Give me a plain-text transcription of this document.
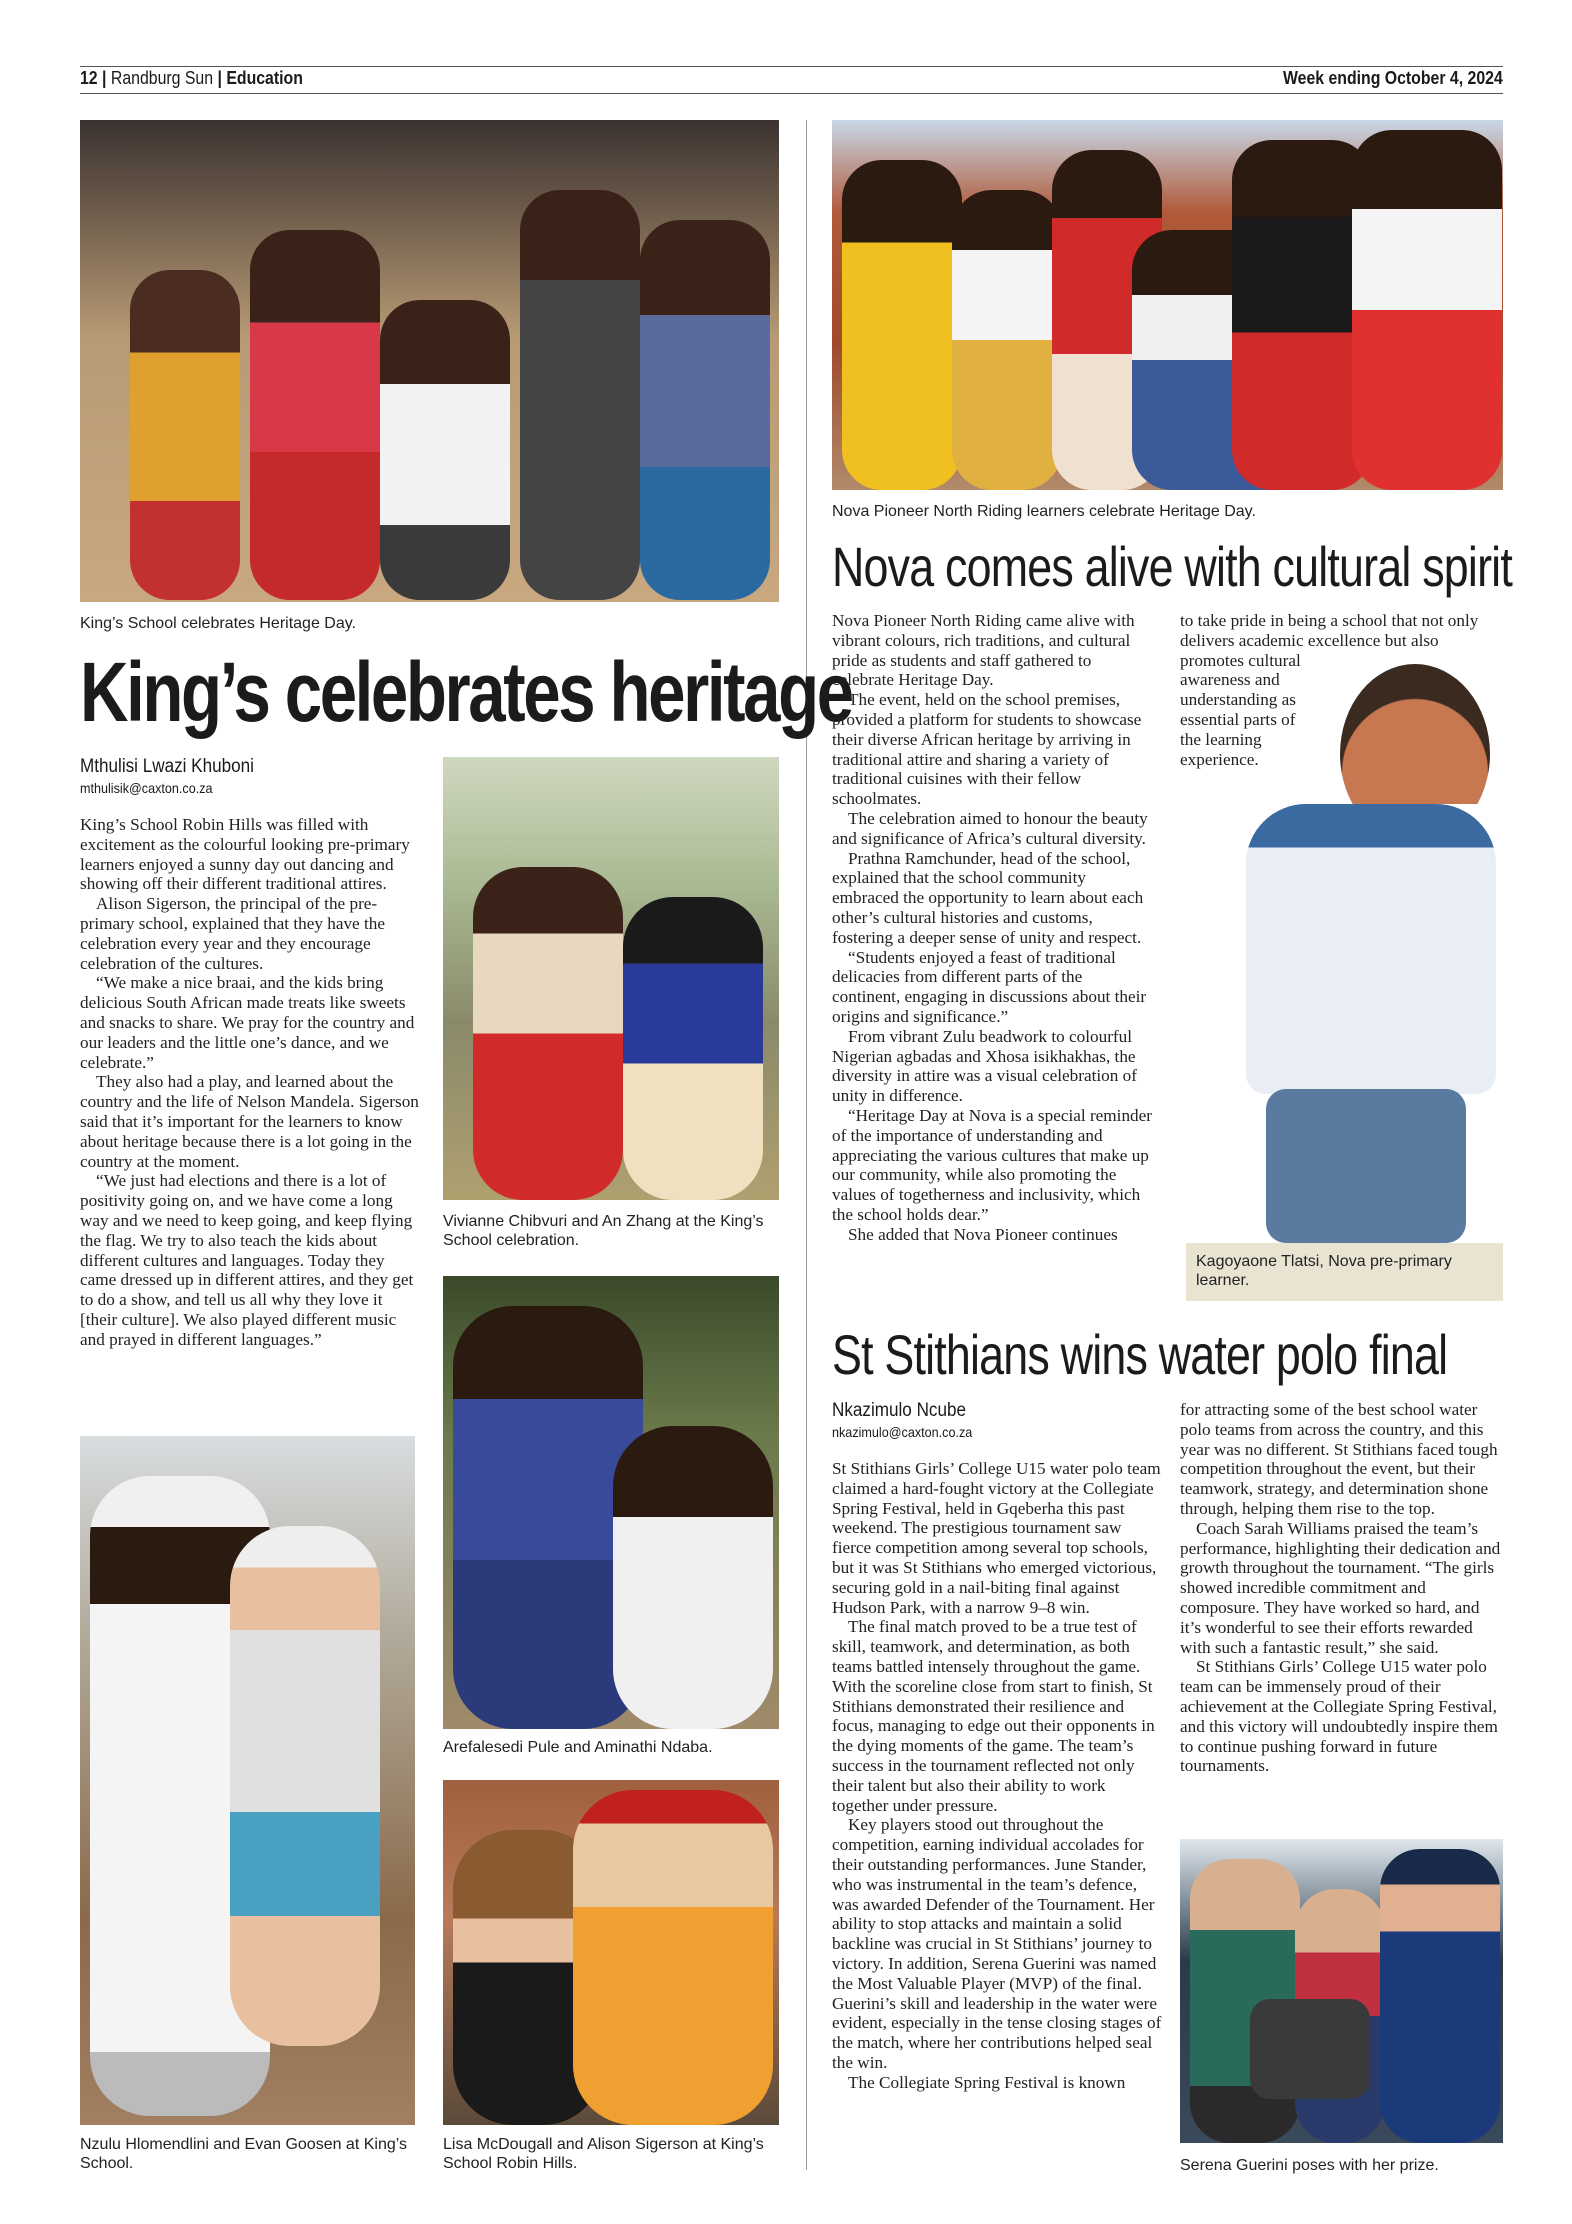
12 | Randburg Sun | Education	Week ending October 4, 2024
King’s School celebrates Heritage Day.
King’s celebrates heritage
Mthulisi Lwazi Khuboni
mthulisik@caxton.co.za

King’s School Robin Hills was filled with excitement as the colourful looking pre-primary learners enjoyed a sunny day out dancing and showing off their different traditional attires.

Alison Sigerson, the principal of the pre-primary school, explained that they have the celebration every year and they encourage celebration of the cultures.

“We make a nice braai, and the kids bring delicious South African made treats like sweets and snacks to share. We pray for the country and our leaders and the little one’s dance, and we celebrate.”

They also had a play, and learned about the country and the life of Nelson Mandela. Sigerson said that it’s important for the learners to know about heritage because there is a lot going in the country at the moment.

“We just had elections and there is a lot of positivity going on, and we have come a long way and we need to keep going, and keep flying the flag. We try to also teach the kids about different cultures and languages. Today they came dressed up in different attires, and they get to do a show, and tell us all why they love it [their culture]. We also played different music and prayed in different languages.”

Vivianne Chibvuri and An Zhang at the King’s School celebration.
Arefalesedi Pule and Aminathi Ndaba.
Nzulu Hlomendlini and Evan Goosen at King’s School.
Lisa McDougall and Alison Sigerson at King’s School Robin Hills.
Nova Pioneer North Riding learners celebrate Heritage Day.
Nova comes alive with cultural spirit

Nova Pioneer North Riding came alive with vibrant colours, rich traditions, and cultural pride as students and staff gathered to celebrate Heritage Day.

The event, held on the school premises, provided a platform for students to showcase their diverse African heritage by arriving in traditional attire and sharing a variety of traditional cuisines with their fellow schoolmates.

The celebration aimed to honour the beauty and significance of Africa’s cultural diversity.

Prathna Ramchunder, head of the school, explained that the school community embraced the opportunity to learn about each other’s cultural histories and customs, fostering a deeper sense of unity and respect.

“Students enjoyed a feast of traditional delicacies from different parts of the continent, engaging in discussions about their origins and significance.”

From vibrant Zulu beadwork to colourful Nigerian agbadas and Xhosa isikhakhas, the diversity in attire was a visual celebration of unity in difference.

“Heritage Day at Nova is a special reminder of the importance of understanding and appreciating the various cultures that make up our community, while also promoting the values of togetherness and inclusivity, which the school holds dear.”

She added that Nova Pioneer continues

to take pride in being a school that not only delivers academic excellence but also promotes cultural awareness and understanding as essential parts of the learning experience.
Kagoyaone Tlatsi, Nova pre-primary learner.
St Stithians wins water polo final
Nkazimulo Ncube
nkazimulo@caxton.co.za

St Stithians Girls’ College U15 water polo team claimed a hard-fought victory at the Collegiate Spring Festival, held in Gqeberha this past weekend. The prestigious tournament saw fierce competition among several top schools, but it was St Stithians who emerged victorious, securing gold in a nail-biting final against Hudson Park, with a narrow 9–8 win.

The final match proved to be a true test of skill, teamwork, and determination, as both teams battled intensely throughout the game. With the scoreline close from start to finish, St Stithians demonstrated their resilience and focus, managing to edge out their opponents in the dying moments of the game. The team’s success in the tournament reflected not only their talent but also their ability to work together under pressure.

Key players stood out throughout the competition, earning individual accolades for their outstanding performances. June Stander, who was instrumental in the team’s defence, was awarded Defender of the Tournament. Her ability to stop attacks and maintain a solid backline was crucial in St Stithians’ journey to victory. In addition, Serena Guerini was named the Most Valuable Player (MVP) of the final. Guerini’s skill and leadership in the water were evident, especially in the tense closing stages of the match, where her contributions helped seal the win.

The Collegiate Spring Festival is known

for attracting some of the best school water polo teams from across the country, and this year was no different. St Stithians faced tough competition throughout the event, but their teamwork, strategy, and determination shone through, helping them rise to the top.

Coach Sarah Williams praised the team’s performance, highlighting their dedication and growth throughout the tournament. “The girls showed incredible commitment and composure. They have worked so hard, and it’s wonderful to see their efforts rewarded with such a fantastic result,” she said.

St Stithians Girls’ College U15 water polo team can be immensely proud of their achievement at the Collegiate Spring Festival, and this victory will undoubtedly inspire them to continue pushing forward in future tournaments.

Serena Guerini poses with her prize.
